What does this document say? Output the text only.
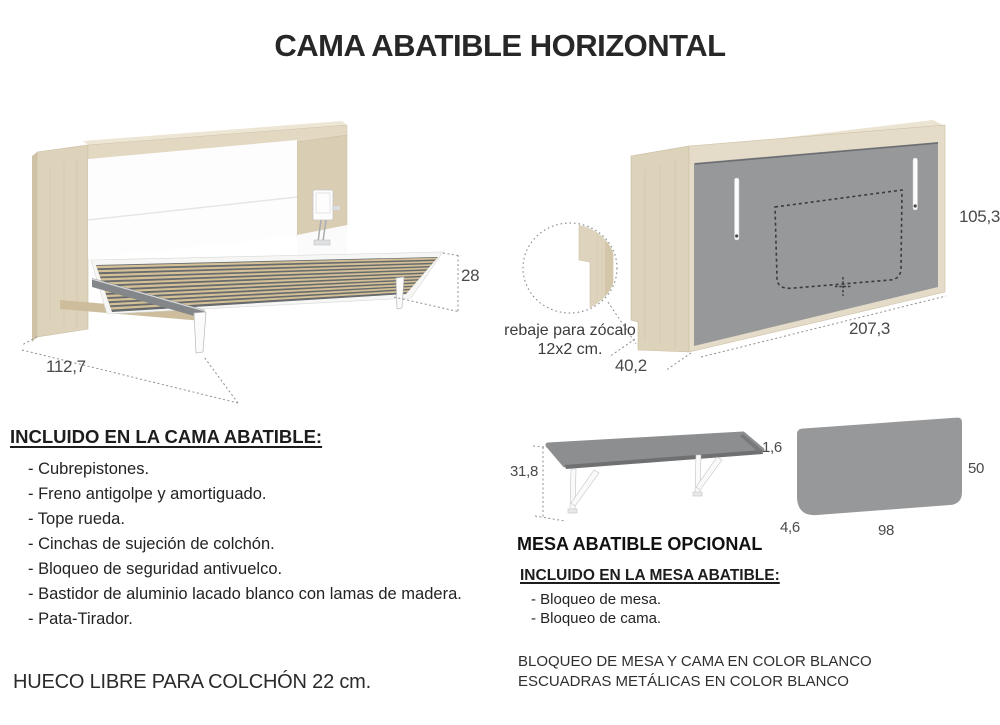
CAMA ABATIBLE HORIZONTAL
112,7
28
105,3
207,3
40,2
rebaje para zócalo
12x2 cm.
INCLUIDO EN LA CAMA ABATIBLE:
- Cubrepistones.
- Freno antigolpe y amortiguado.
- Tope rueda.
- Cinchas de sujeción de colchón.
- Bloqueo de seguridad antivuelco.
- Bastidor de aluminio lacado blanco con lamas de madera.
- Pata-Tirador.
HUECO LIBRE PARA COLCHÓN 22 cm.
31,8
1,6
50
98
4,6
MESA ABATIBLE OPCIONAL
INCLUIDO EN LA MESA ABATIBLE:
- Bloqueo de mesa.
- Bloqueo de cama.
BLOQUEO DE MESA Y CAMA EN COLOR BLANCO
ESCUADRAS METÁLICAS EN COLOR BLANCO
